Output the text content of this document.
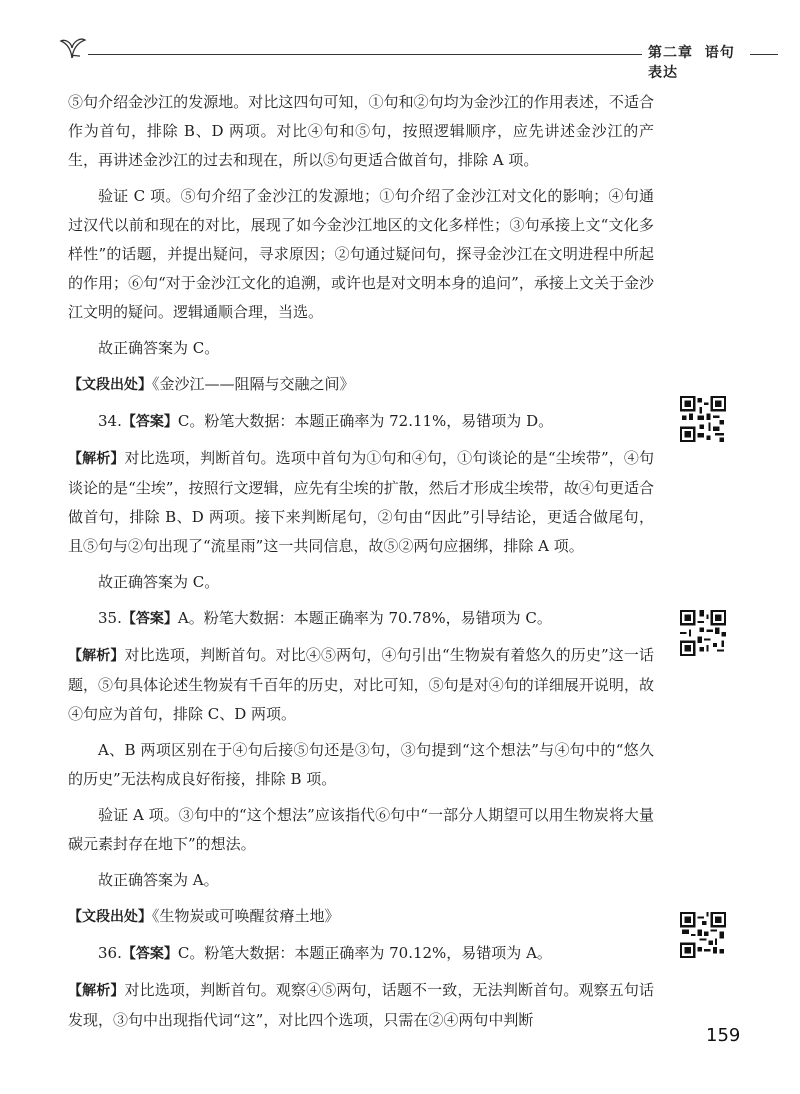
第二章 语句表达

⑤句介绍金沙江的发源地。对比这四句可知，①句和②句均为金沙江的作用表述，不适合作为首句，排除 B、D 两项。对比④句和⑤句，按照逻辑顺序，应先讲述金沙江的产生，再讲述金沙江的过去和现在，所以⑤句更适合做首句，排除 A 项。

验证 C 项。⑤句介绍了金沙江的发源地；①句介绍了金沙江对文化的影响；④句通过汉代以前和现在的对比，展现了如今金沙江地区的文化多样性；③句承接上文“文化多样性”的话题，并提出疑问，寻求原因；②句通过疑问句，探寻金沙江在文明进程中所起的作用；⑥句“对于金沙江文化的追溯，或许也是对文明本身的追问”，承接上文关于金沙江文明的疑问。逻辑通顺合理，当选。

故正确答案为 C。

【文段出处】《金沙江——阻隔与交融之间》

34.【答案】C。粉笔大数据：本题正确率为 72.11%，易错项为 D。

【解析】对比选项，判断首句。选项中首句为①句和④句，①句谈论的是“尘埃带”，④句谈论的是“尘埃”，按照行文逻辑，应先有尘埃的扩散，然后才形成尘埃带，故④句更适合做首句，排除 B、D 两项。接下来判断尾句，②句由“因此”引导结论，更适合做尾句，且⑤句与②句出现了“流星雨”这一共同信息，故⑤②两句应捆绑，排除 A 项。

故正确答案为 C。

35.【答案】A。粉笔大数据：本题正确率为 70.78%，易错项为 C。

【解析】对比选项，判断首句。对比④⑤两句，④句引出“生物炭有着悠久的历史”这一话题，⑤句具体论述生物炭有千百年的历史，对比可知，⑤句是对④句的详细展开说明，故④句应为首句，排除 C、D 两项。

A、B 两项区别在于④句后接⑤句还是③句，③句提到“这个想法”与④句中的“悠久的历史”无法构成良好衔接，排除 B 项。

验证 A 项。③句中的“这个想法”应该指代⑥句中“一部分人期望可以用生物炭将大量碳元素封存在地下”的想法。

故正确答案为 A。

【文段出处】《生物炭或可唤醒贫瘠土地》

36.【答案】C。粉笔大数据：本题正确率为 70.12%，易错项为 A。

【解析】对比选项，判断首句。观察④⑤两句，话题不一致，无法判断首句。观察五句话发现，③句中出现指代词“这”，对比四个选项，只需在②④两句中判断

159
